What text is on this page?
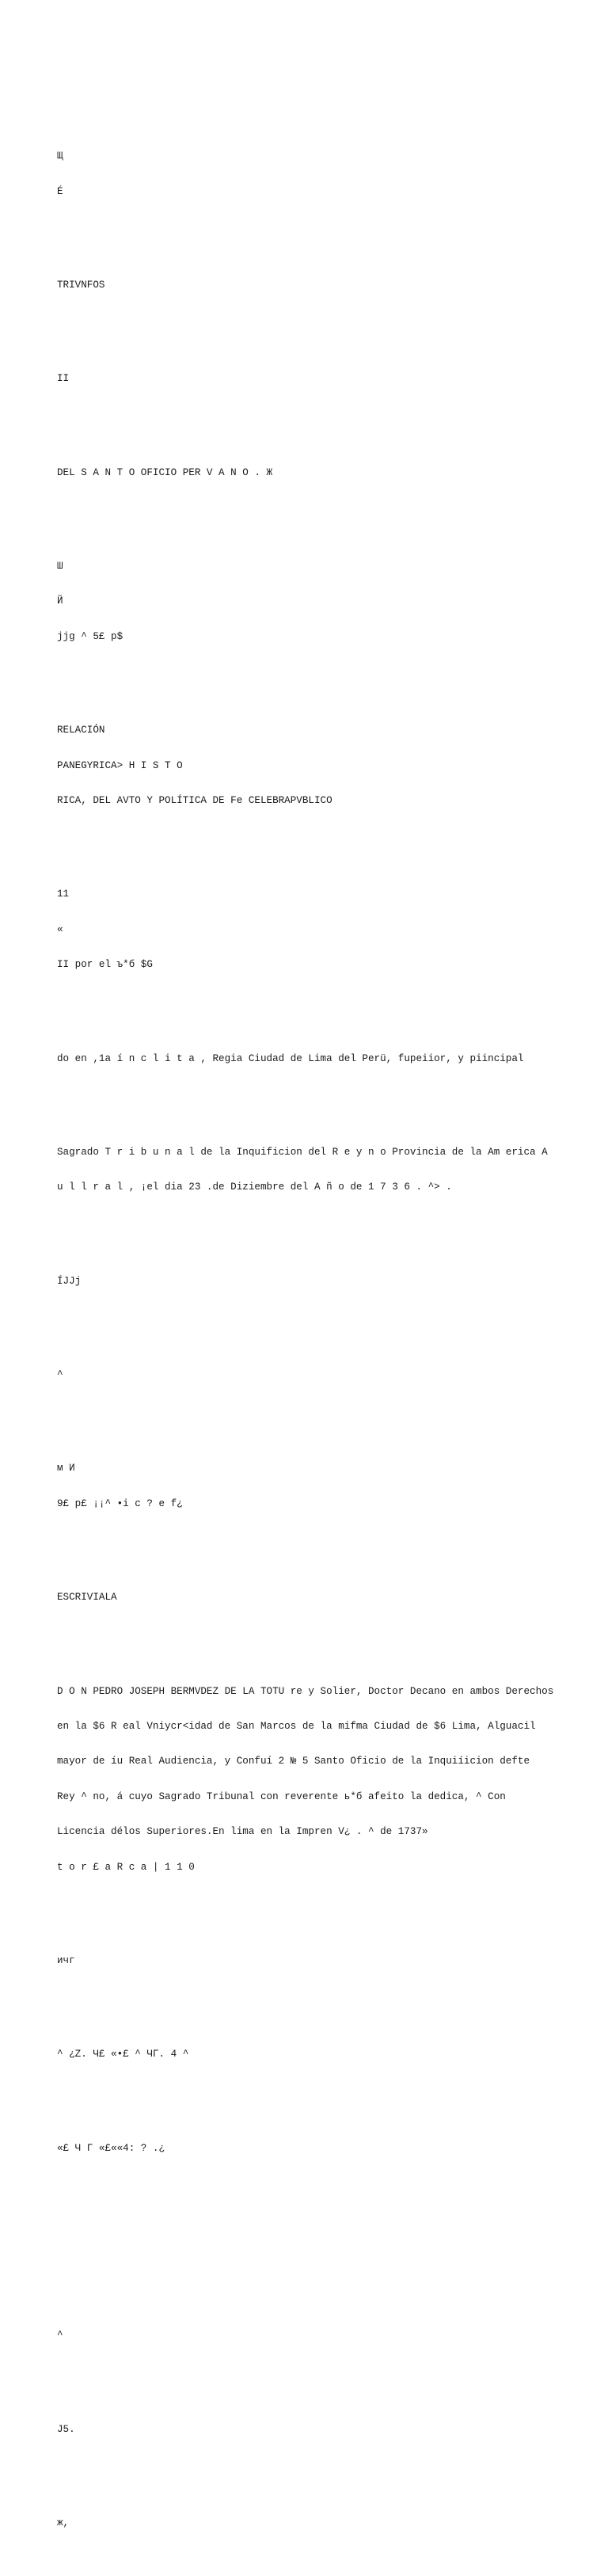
Щ

É

TRIVNFOS

II

DEL S A N T O OFICIO PER V A N O . Ж

Ш

Й

jjg ^ 5£ p$

RELACIÓN

PANEGYRICA> H I S T O

RICA, DEL AVTO Y POLÍTICA DE Fe CELEBRAPVBLICO

11

«

II por el ъ*б $G

do en ,1a í n c l i t a , Regia Ciudad de Lima del Perü, fupeiior, y piincipal

Sagrado T r i b u n a l de la Inquificion del R e y n o Provincia de la Am erica A

u l l r a l , ¡el dia 23 .de Diziembre del A ñ o de 1 7 3 6 . ^> .

ÍJJj

^

м И

9£ p£ ¡¡^ •i c ? e f¿

ESCRIVIALA

D O N PEDRO JOSEPH BERMVDEZ DE LA TOTU re y Solier, Doctor Decano en ambos Derechos

en la $6 R eal Vniycr<idad de San Marcos de la mifma Ciudad de $6 Lima, Alguacil

mayor de íu Real Audiencia, y Confuí 2 № 5 Santo Oficio de la Inquiíicion defte

Rey ^ no, á cuyo Sagrado Tribunal con reverente ь*б afeito la dedica, ^ Con

Licencia délos Superiores.En lima en la Impren V¿ . ^ de 1737»

t o r £ a R c a | 1 1 0

ичг

^ ¿Z. Ч£ «•£ ^ ЧГ. 4 ^

«£ Ч Г «£««4: ? .¿

^

J5.

ж,
